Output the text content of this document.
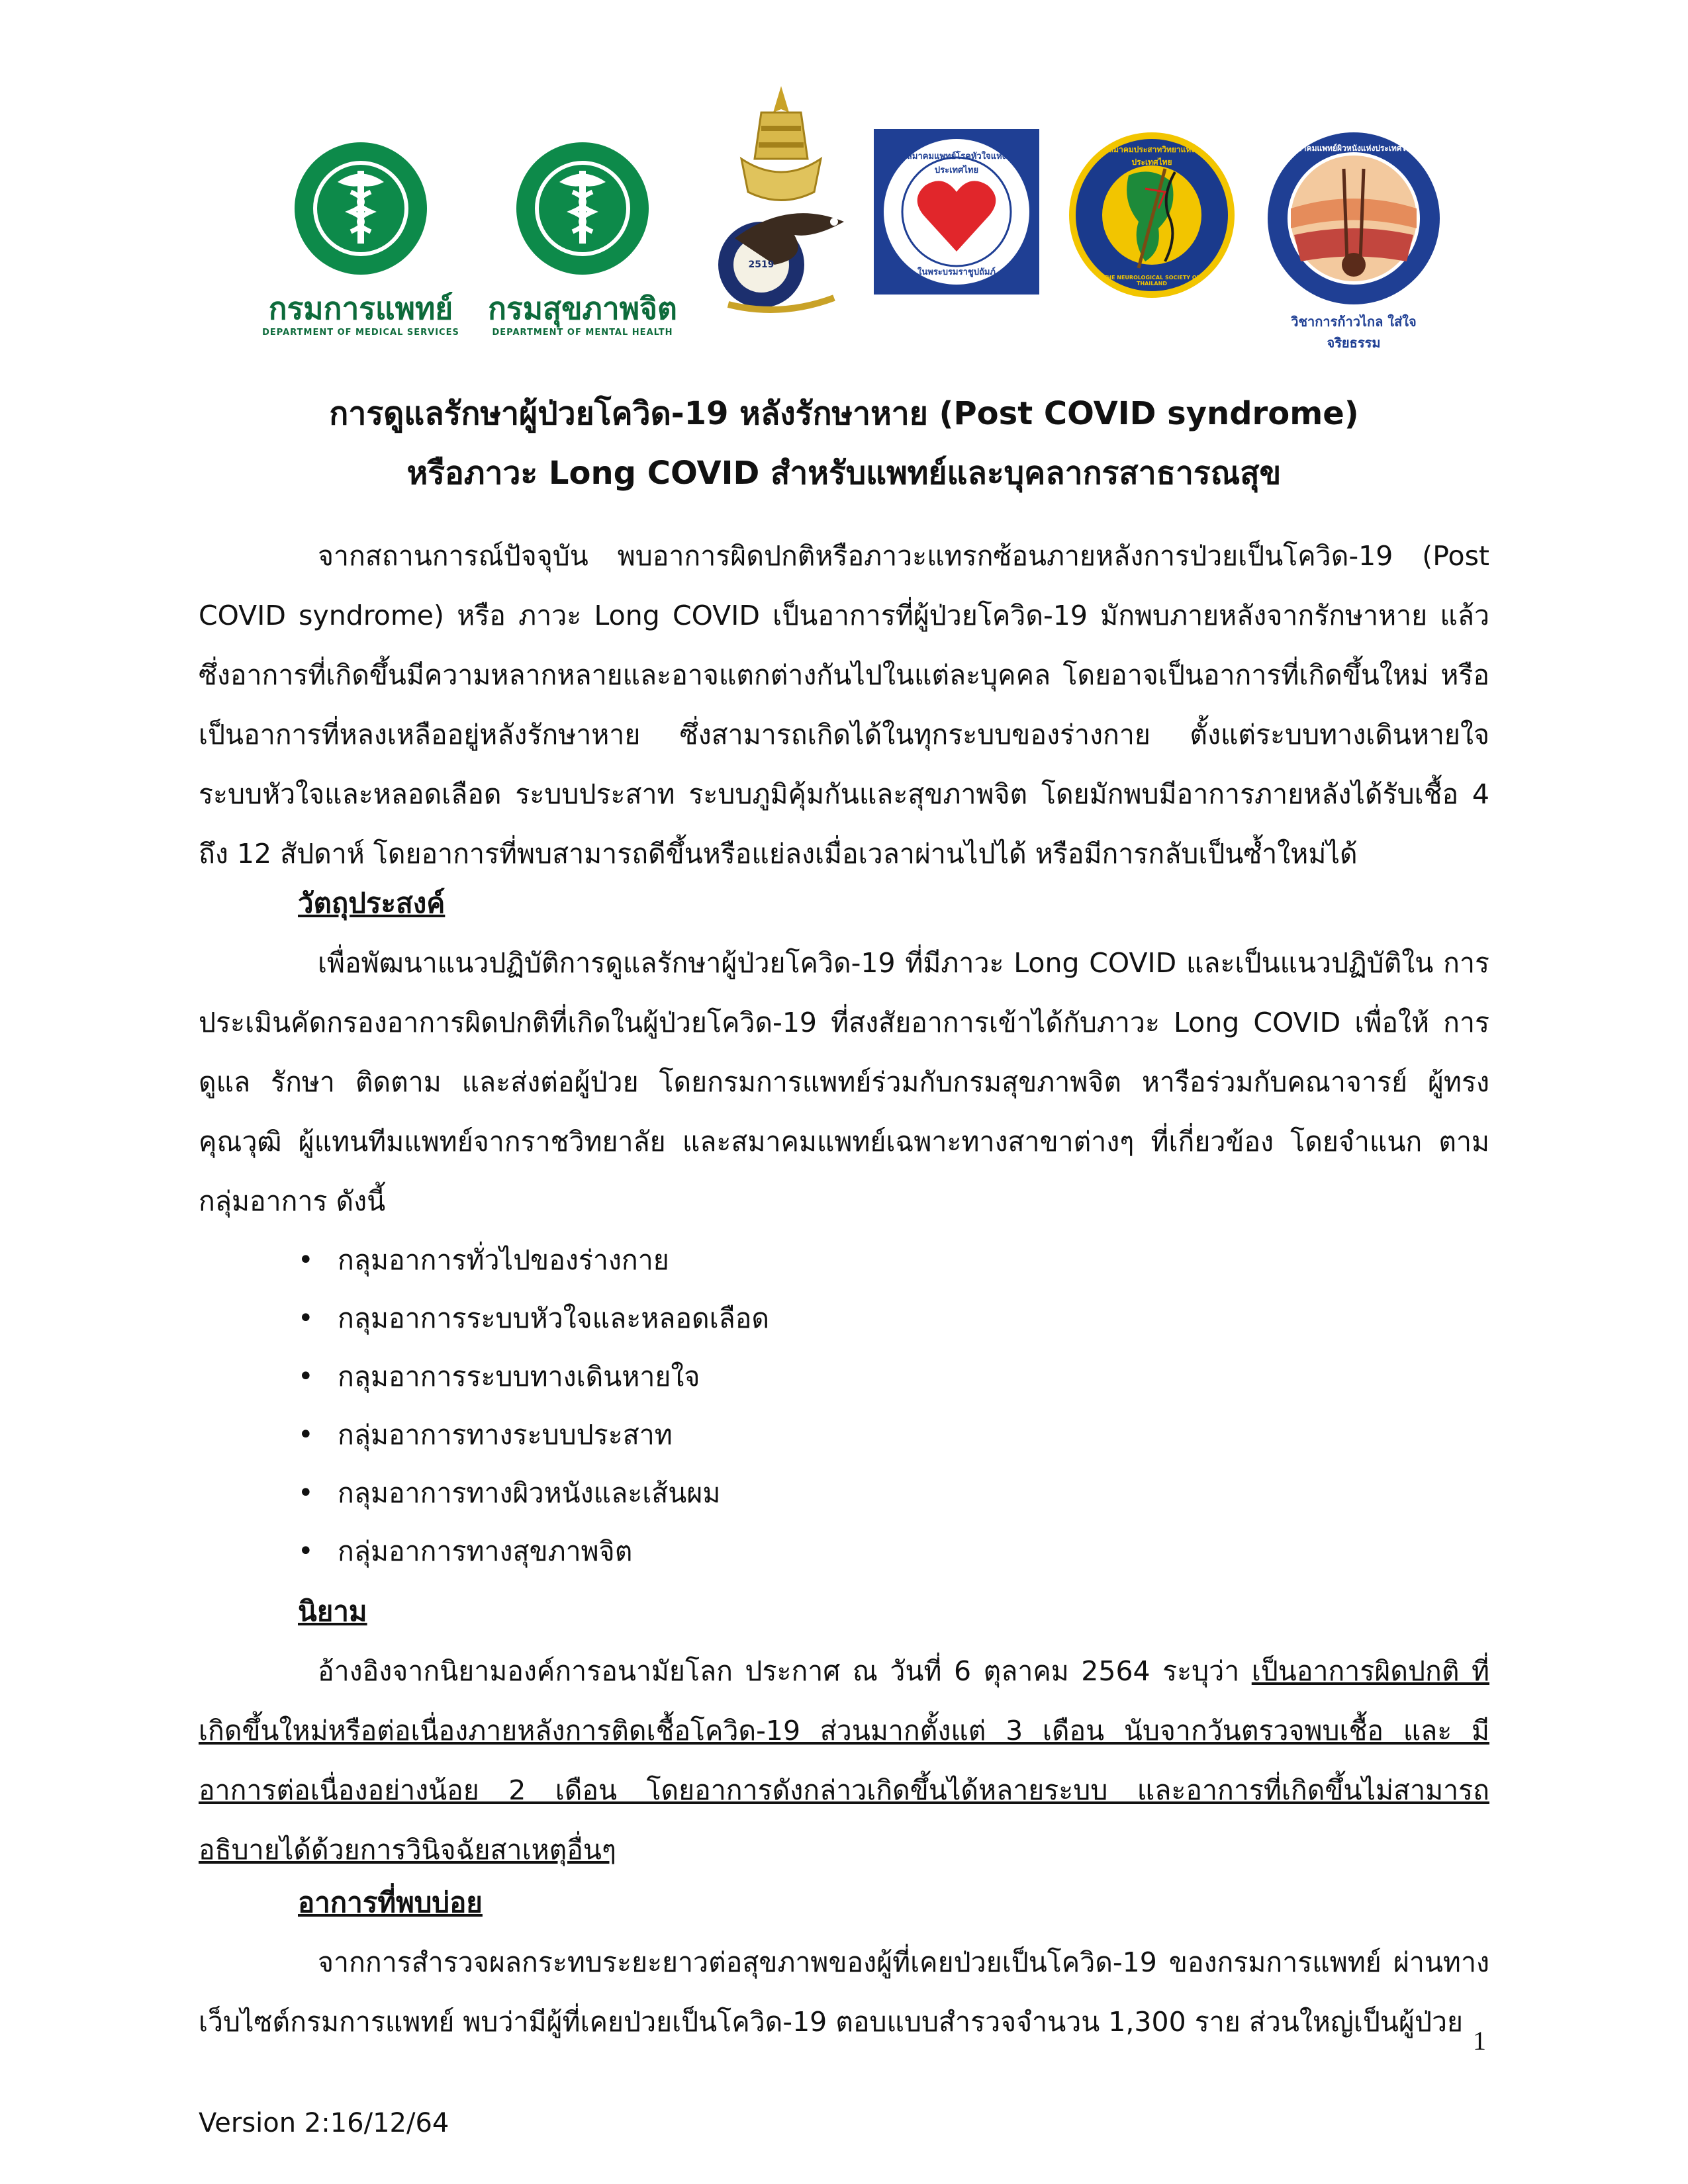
กรมการแพทย์
DEPARTMENT OF MEDICAL SERVICES
กรมสุขภาพจิต
DEPARTMENT OF MENTAL HEALTH
2519
สมาคมแพทย์โรคหัวใจแห่งประเทศไทย
ในพระบรมราชูปถัมภ์
สมาคมประสาทวิทยาแห่งประเทศไทย
THE NEUROLOGICAL SOCIETY OF THAILAND
สมาคมแพทย์ผิวหนังแห่งประเทศไทย
วิชาการก้าวไกล ใส่ใจจริยธรรม
การดูแลรักษาผู้ป่วยโควิด-19 หลังรักษาหาย (Post COVID syndrome)
หรือภาวะ Long COVID สำหรับแพทย์และบุคลากรสาธารณสุข

จากสถานการณ์ปัจจุบัน พบอาการผิดปกติหรือภาวะแทรกซ้อนภายหลังการป่วยเป็นโควิด-19 (Post COVID syndrome) หรือ ภาวะ Long COVID เป็นอาการที่ผู้ป่วยโควิด-19 มักพบภายหลังจากรักษาหาย แล้ว ซึ่งอาการที่เกิดขึ้นมีความหลากหลายและอาจแตกต่างกันไปในแต่ละบุคคล โดยอาจเป็นอาการที่เกิดขึ้นใหม่ หรือเป็นอาการที่หลงเหลืออยู่หลังรักษาหาย ซึ่งสามารถเกิดได้ในทุกระบบของร่างกาย ตั้งแต่ระบบทางเดินหายใจ ระบบหัวใจและหลอดเลือด ระบบประสาท ระบบภูมิคุ้มกันและสุขภาพจิต โดยมักพบมีอาการภายหลังได้รับเชื้อ 4 ถึง 12 สัปดาห์ โดยอาการที่พบสามารถดีขึ้นหรือแย่ลงเมื่อเวลาผ่านไปได้ หรือมีการกลับเป็นซ้ำใหม่ได้

วัตถุประสงค์

เพื่อพัฒนาแนวปฏิบัติการดูแลรักษาผู้ป่วยโควิด-19 ที่มีภาวะ Long COVID และเป็นแนวปฏิบัติใน การประเมินคัดกรองอาการผิดปกติที่เกิดในผู้ป่วยโควิด-19 ที่สงสัยอาการเข้าได้กับภาวะ Long COVID เพื่อให้ การดูแล รักษา ติดตาม และส่งต่อผู้ป่วย โดยกรมการแพทย์ร่วมกับกรมสุขภาพจิต หารือร่วมกับคณาจารย์ ผู้ทรงคุณวุฒิ ผู้แทนทีมแพทย์จากราชวิทยาลัย และสมาคมแพทย์เฉพาะทางสาขาต่างๆ ที่เกี่ยวข้อง โดยจำแนก ตามกลุ่มอาการ ดังนี้

• กลุมอาการทั่วไปของร่างกาย
• กลุมอาการระบบหัวใจและหลอดเลือด
• กลุมอาการระบบทางเดินหายใจ
• กลุ่มอาการทางระบบประสาท
• กลุมอาการทางผิวหนังและเส้นผม
• กลุ่มอาการทางสุขภาพจิต
นิยาม

อ้างอิงจากนิยามองค์การอนามัยโลก ประกาศ ณ วันที่ 6 ตุลาคม 2564 ระบุว่า เป็นอาการผิดปกติ ที่เกิดขึ้นใหม่หรือต่อเนื่องภายหลังการติดเชื้อโควิด-19 ส่วนมากตั้งแต่ 3 เดือน นับจากวันตรวจพบเชื้อ และ มีอาการต่อเนื่องอย่างน้อย 2 เดือน โดยอาการดังกล่าวเกิดขึ้นได้หลายระบบ และอาการที่เกิดขึ้นไม่สามารถ อธิบายได้ด้วยการวินิจฉัยสาเหตุอื่นๆ

อาการที่พบบ่อย

จากการสำรวจผลกระทบระยะยาวต่อสุขภาพของผู้ที่เคยป่วยเป็นโควิด-19 ของกรมการแพทย์ ผ่านทาง เว็บไซต์กรมการแพทย์ พบว่ามีผู้ที่เคยป่วยเป็นโควิด-19 ตอบแบบสำรวจจำนวน 1,300 ราย ส่วนใหญ่เป็นผู้ป่วย

1
Version 2:16/12/64
